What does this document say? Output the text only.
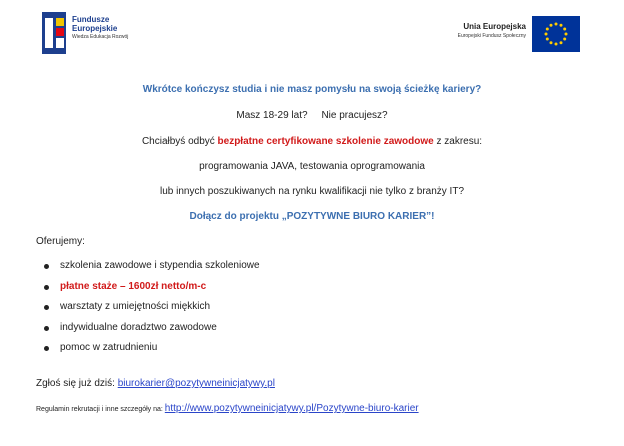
Fundusze

Europejskie

Wiedza Edukacja Rozwój

Unia Europejska

Europejski Fundusz Społeczny

Wkrótce kończysz studia i nie masz pomysłu na swoją ścieżkę kariery?

Masz 18-29 lat? Nie pracujesz?

Chciałbyś odbyć bezpłatne certyfikowane szkolenie zawodowe z zakresu:

programowania JAVA, testowania oprogramowania

lub innych poszukiwanych na rynku kwalifikacji nie tylko z branży IT?

Dołącz do projektu „POZYTYWNE BIURO KARIER”!

Oferujemy:

szkolenia zawodowe i stypendia szkoleniowe
płatne staże – 1600zł netto/m-c
warsztaty z umiejętności miękkich
indywidualne doradztwo zawodowe
pomoc w zatrudnieniu

Zgłoś się już dziś: biurokarier@pozytywneinicjatywy.pl

Regulamin rekrutacji i inne szczegóły na: http://www.pozytywneinicjatywy.pl/Pozytywne-biuro-karier
